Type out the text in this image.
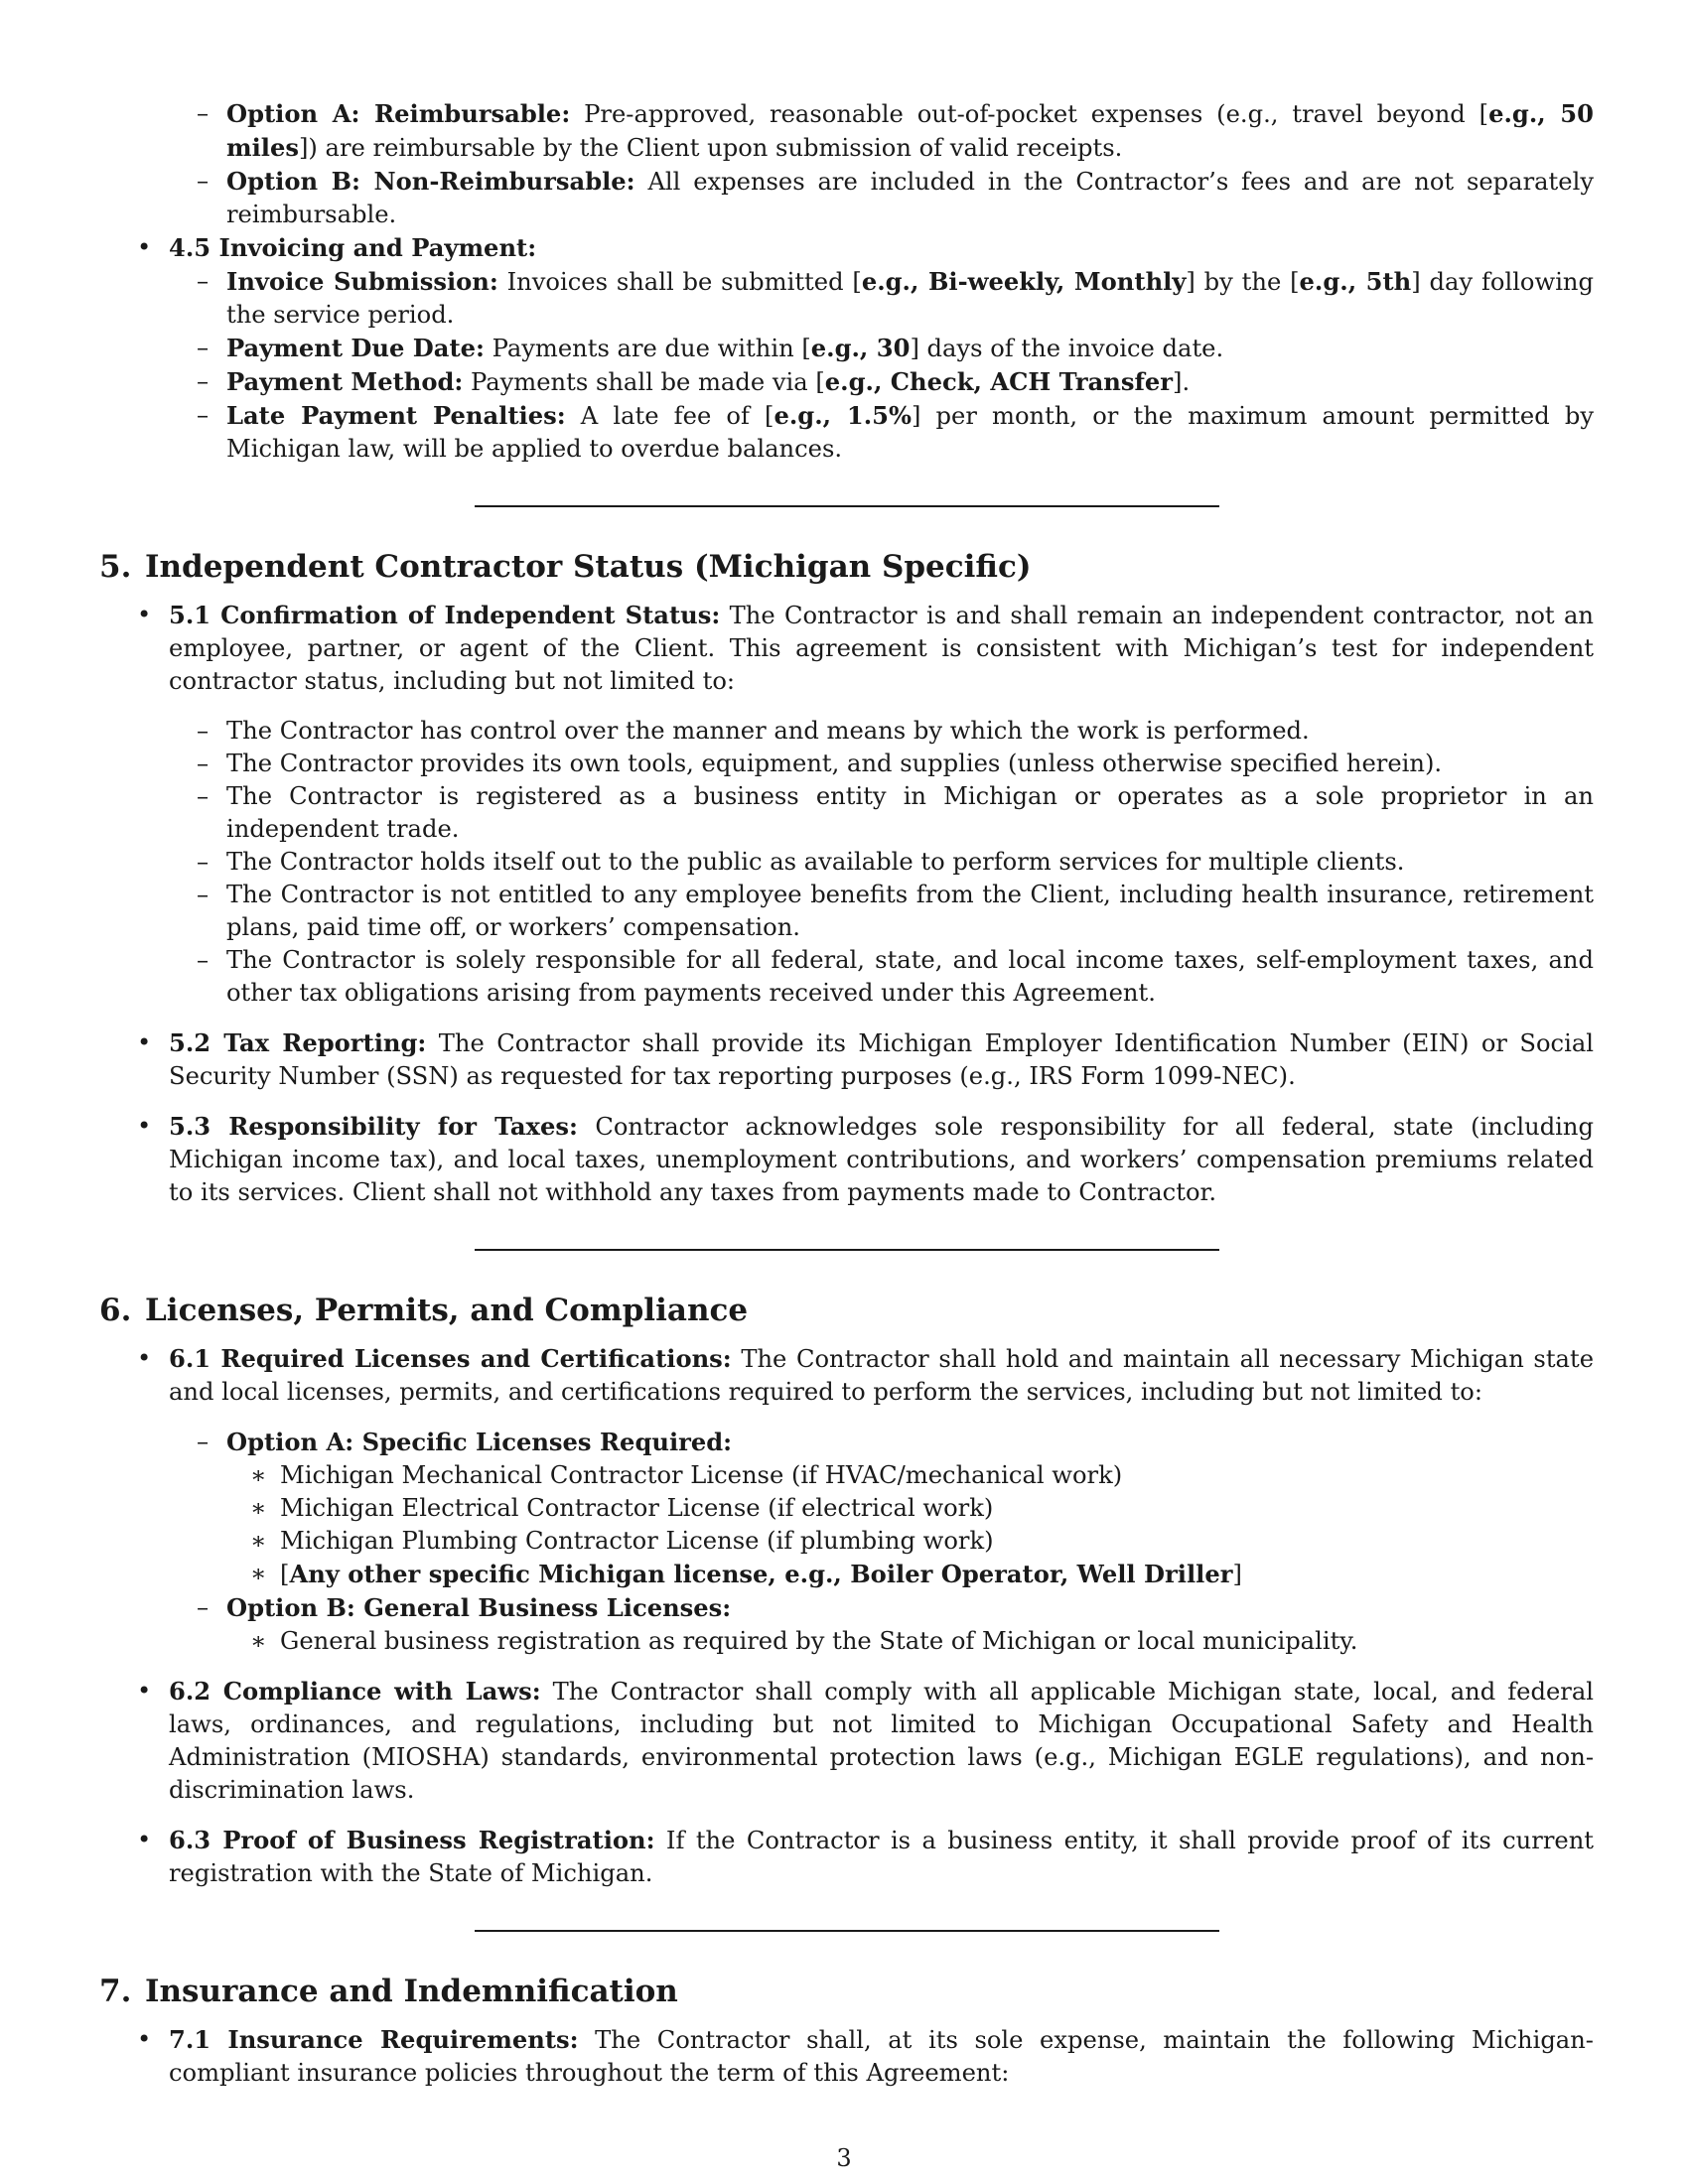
– Option A: Reimbursable: Pre-approved, reasonable out-of-pocket expenses (e.g., travel beyond [e.g., 50 miles]) are reimbursable by the Client upon submission of valid receipts.
– Option B: Non-Reimbursable: All expenses are included in the Contractor’s fees and are not separately reimbursable.
• 4.5 Invoicing and Payment:
– Invoice Submission: Invoices shall be submitted [e.g., Bi-weekly, Monthly] by the [e.g., 5th] day following the service period.
– Payment Due Date: Payments are due within [e.g., 30] days of the invoice date.
– Payment Method: Payments shall be made via [e.g., Check, ACH Transfer].
– Late Payment Penalties: A late fee of [e.g., 1.5%] per month, or the maximum amount permitted by Michigan law, will be applied to overdue balances.
5. Independent Contractor Status (Michigan Specific)
• 5.1 Confirmation of Independent Status: The Contractor is and shall remain an independent contractor, not an employee, partner, or agent of the Client. This agreement is consistent with Michigan’s test for independent contractor status, including but not limited to:
– The Contractor has control over the manner and means by which the work is performed.
– The Contractor provides its own tools, equipment, and supplies (unless otherwise specified herein).
– The Contractor is registered as a business entity in Michigan or operates as a sole proprietor in an independent trade.
– The Contractor holds itself out to the public as available to perform services for multiple clients.
– The Contractor is not entitled to any employee benefits from the Client, including health insurance, retirement plans, paid time off, or workers’ compensation.
– The Contractor is solely responsible for all federal, state, and local income taxes, self-employment taxes, and other tax obligations arising from payments received under this Agreement.
• 5.2 Tax Reporting: The Contractor shall provide its Michigan Employer Identification Number (EIN) or Social Security Number (SSN) as requested for tax reporting purposes (e.g., IRS Form 1099-NEC).
• 5.3 Responsibility for Taxes: Contractor acknowledges sole responsibility for all federal, state (including Michigan income tax), and local taxes, unemployment contributions, and workers’ compensation premiums related to its services. Client shall not withhold any taxes from payments made to Contractor.
6. Licenses, Permits, and Compliance
• 6.1 Required Licenses and Certifications: The Contractor shall hold and maintain all necessary Michigan state and local licenses, permits, and certifications required to perform the services, including but not limited to:
– Option A: Specific Licenses Required:
∗ Michigan Mechanical Contractor License (if HVAC/mechanical work)
∗ Michigan Electrical Contractor License (if electrical work)
∗ Michigan Plumbing Contractor License (if plumbing work)
∗ [Any other specific Michigan license, e.g., Boiler Operator, Well Driller]
– Option B: General Business Licenses:
∗ General business registration as required by the State of Michigan or local municipality.
• 6.2 Compliance with Laws: The Contractor shall comply with all applicable Michigan state, local, and federal laws, ordinances, and regulations, including but not limited to Michigan Occupational Safety and Health Administration (MIOSHA) standards, environmental protection laws (e.g., Michigan EGLE regulations), and non-discrimination laws.
• 6.3 Proof of Business Registration: If the Contractor is a business entity, it shall provide proof of its current registration with the State of Michigan.
7. Insurance and Indemnification
• 7.1 Insurance Requirements: The Contractor shall, at its sole expense, maintain the following Michigan-compliant insurance policies throughout the term of this Agreement:
3
